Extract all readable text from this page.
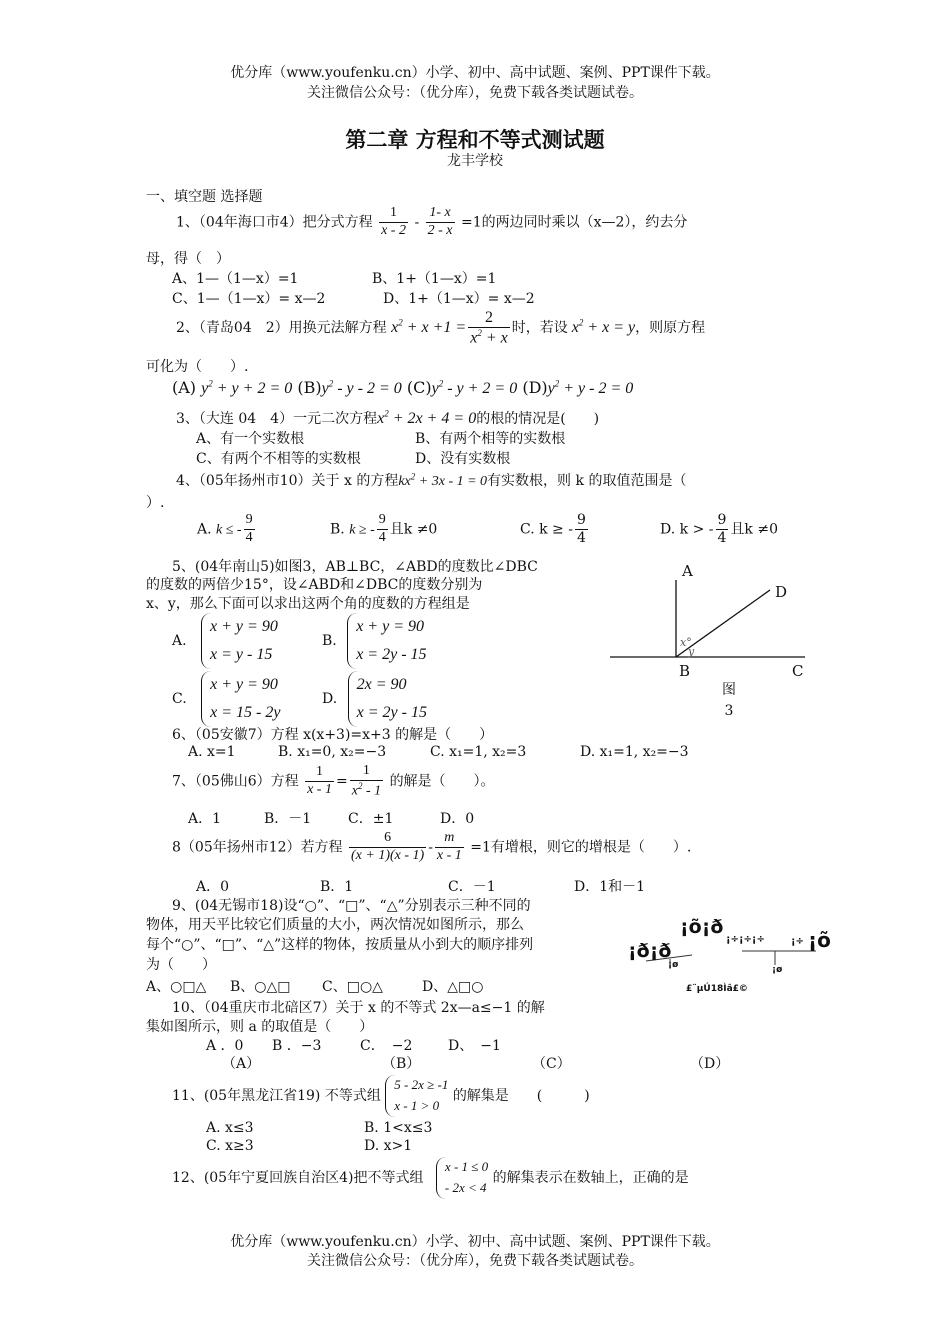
优分库（www.youfenku.cn）小学、初中、高中试题、案例、PPT课件下载。
关注微信公众号：（优分库），免费下载各类试题试卷。
第二章 方程和不等式测试题
龙丰学校
一、填空题 选择题
1、（04年海口市4）把分式方程 $\frac{1}{x - 2} - \frac{1- x}{2 - x} =1$的两边同时乘以（x—2），约去分
母，得（　）
A、1—（1—x）=1	B、1+（1—x）=1
C、1—（1—x）= x—2	D、1+（1—x）= x—2
2、（青岛04　2）用换元法解方程 $x^2 + x +1 = \frac{2}{x^2 + x}$ 时，若设 $x^2 + x = y$，则原方程
可化为（　　）.
(A) $y^2 + y + 2 = 0$ $(B)y^2 - y - 2 = 0$ $(C)y^2 - y + 2 = 0$ $(D)y^2 + y - 2 = 0$
3、（大连 04　4）一元二次方程$x^2 + 2x + 4 = 0$的根的情况是(　　)
A、有一个实数根	B、有两个相等的实数根
C、有两个不相等的实数根	D、没有实数根
4、（05年扬州市10）关于 x 的方程$kx^2 + 3x - 1 = 0$有实数根，则 k 的取值范围是（
）.
A. k ≤ - $\frac{9}{4}$	B. k ≥ - $\frac{9}{4}$ 且k ≠0	C. k ≥ - $\frac{9}{4}$	D. k > - $\frac{9}{4}$ 且k ≠0
5、(04年南山5)如图3，AB⊥BC，∠ABD的度数比∠DBC
的度数的两倍少15°，设∠ABD和∠DBC的度数分别为
x、y，那么下面可以求出这两个角的度数的方程组是
A. x + y = 90
x = y - 15
B. x + y = 90
x = 2y - 15
C. x + y = 90
x = 15 - 2y
D. 2x = 90
x = 2y - 15
x°
y
A
D
B	C
图 3
6、（05安徽7）方程 x(x+3)=x+3 的解是（　　）
A. x=1	B. x₁=0, x₂=−3	C. x₁=1, x₂=3	D. x₁=1, x₂=−3
7、（05佛山6）方程 $\frac{1}{x - 1} = \frac{1}{x^2 - 1}$ 的解是（　　）。
A．1	B．－1	C．±1	D．0
8（05年扬州市12）若方程 $\frac{6}{(x + 1)(x - 1)} - \frac{m}{x - 1} =1$有增根，则它的增根是（　　）.
A．0	B．1	C．－1	D．1和－1
9、(04无锡市18)设“○”、“□”、“△”分别表示三种不同的
物体，用天平比较它们质量的大小，两次情况如图所示，那么
每个“○”、“□”、“△”这样的物体，按质量从小到大的顺序排列
为（　　）
A、○□△ B、○△□ C、□○△	D、△□○
¡ð¡ð
¡õ¡ð
¡÷¡÷¡÷	¡÷ ¡õ
¡ø	¡ø
£¨µÚ18Ìâ£©
10、（04重庆市北碚区7）关于 x 的不等式 2x—a≤−1 的解
集如图所示，则 a 的取值是（　　）
A ．0 B ．−3	C．　−2	D、　−1
（A）	（B）	（C）	（D）
11、(05年黑龙江省19) 不等式组 5 - 2x ≥ -1
x - 1 > 0 的解集是　　(　　　)
A. x≤3	B. 1<x≤3
C. x≥3	D. x>1
12、(05年宁夏回族自治区4)把不等式组 x - 1 ≤ 0
- 2x < 4 的解集表示在数轴上，正确的是
优分库（www.youfenku.cn）小学、初中、高中试题、案例、PPT课件下载。
关注微信公众号：（优分库），免费下载各类试题试卷。
